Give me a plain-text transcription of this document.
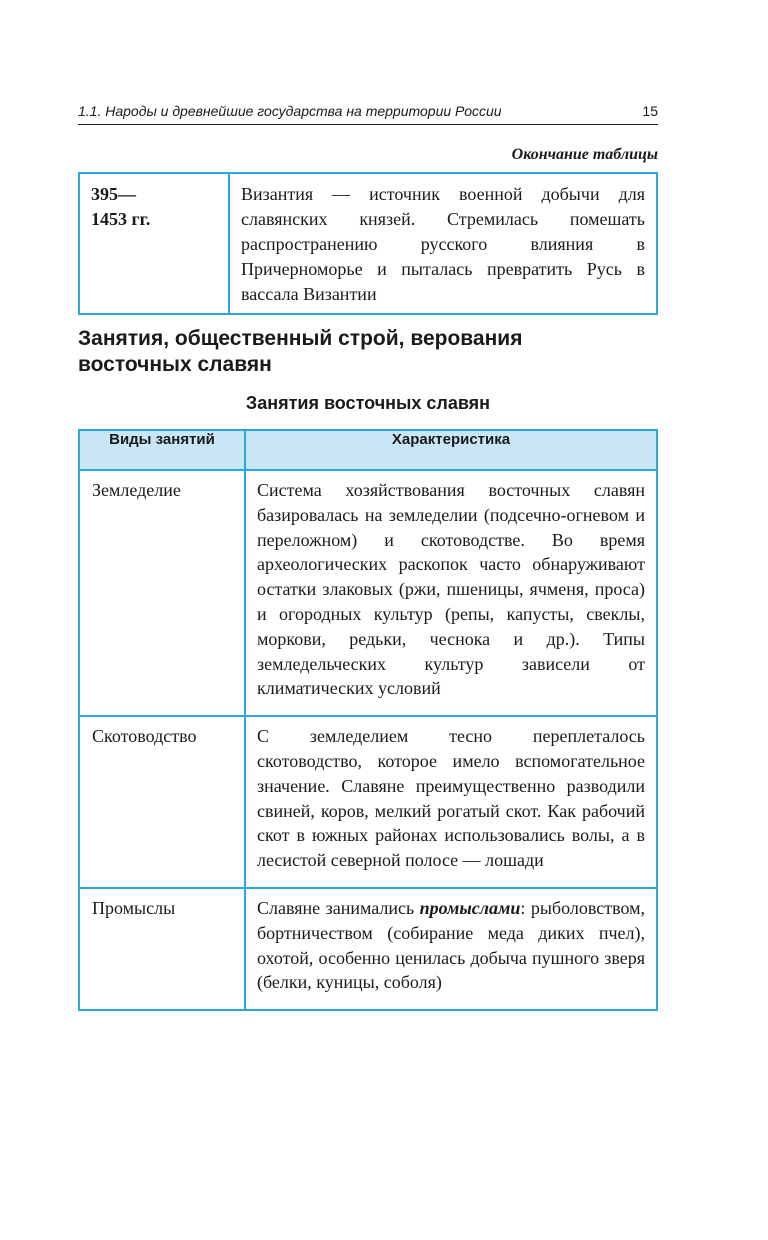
1.1. Народы и древнейшие государства на территории России	15
Окончание таблицы
395—
1453 гг.	Византия — источник военной добычи для славянских князей. Стремилась помешать распространению русского влияния в Причерноморье и пыталась превратить Русь в вассала Византии
Занятия, общественный строй, верования
восточных славян
Занятия восточных славян
Виды занятий	Характеристика
Земледелие	Система хозяйствования восточных славян базировалась на земледелии (подсечно-огневом и переложном) и скотоводстве. Во время археологических раскопок часто обнаруживают остатки злаковых (ржи, пшеницы, ячменя, проса) и огородных культур (репы, капусты, свеклы, моркови, редьки, чеснока и др.). Типы земледельческих культур зависели от климатических условий
Скотоводство	С земледелием тесно переплеталось скотоводство, которое имело вспомогательное значение. Славяне преимущественно разводили свиней, коров, мелкий рогатый скот. Как рабочий скот в южных районах использовались волы, а в лесистой северной полосе — лошади
Промыслы	Славяне занимались промыслами: рыболовством, бортничеством (собирание меда диких пчел), охотой, особенно ценилась добыча пушного зверя (белки, куницы, соболя)
